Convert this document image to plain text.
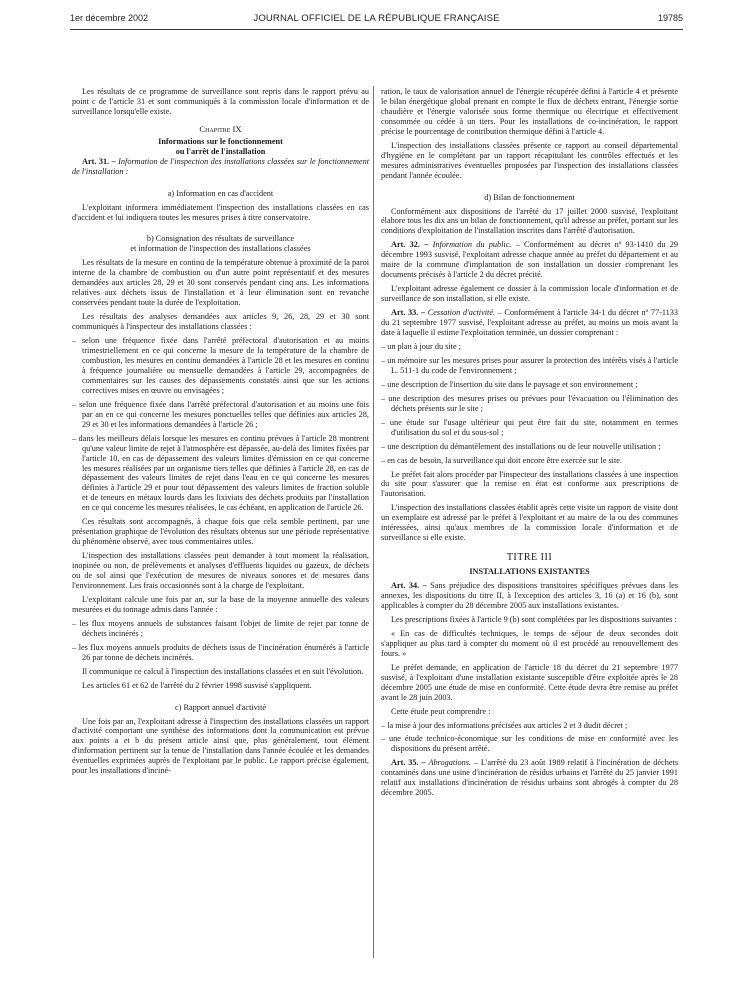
1er décembre 2002	JOURNAL OFFICIEL DE LA RÉPUBLIQUE FRANÇAISE	19785

Les résultats de ce programme de surveillance sont repris dans le rapport prévu au point c de l'article 31 et sont communiqués à la commission locale d'information et de surveillance lorsqu'elle existe.

Chapitre IX
Informations sur le fonctionnement
ou l'arrêt de l'installation

Art. 31. – Information de l'inspection des installations classées sur le fonctionnement de l'installation :

a) Information en cas d'accident

L'exploitant informera immédiatement l'inspection des installations classées en cas d'accident et lui indiquera toutes les mesures prises à titre conservatoire.

b) Consignation des résultats de surveillance

et information de l'inspection des installations classées

Les résultats de la mesure en continu de la température obtenue à proximité de la paroi interne de la chambre de combustion ou d'un autre point représentatif et des mesures demandées aux articles 28, 29 et 30 sont conservés pendant cinq ans. Les informations relatives aux déchets issus de l'installation et à leur élimination sont en revanche conservées pendant toute la durée de l'exploitation.

Les résultats des analyses demandées aux articles 9, 26, 28, 29 et 30 sont communiqués à l'inspecteur des installations classées :

– selon une fréquence fixée dans l'arrêté préfectoral d'autorisation et au moins trimestriellement en ce qui concerne la mesure de la température de la chambre de combustion, les mesures en continu demandées à l'article 28 et les mesures en continu à fréquence journalière ou mensuelle demandées à l'article 29, accompagnées de commentaires sur les causes des dépassements constatés ainsi que sur les actions correctives mises en œuvre ou envisagées ;

– selon une fréquence fixée dans l'arrêté préfectoral d'autorisation et au moins une fois par an en ce qui concerne les mesures ponctuelles telles que définies aux articles 28, 29 et 30 et les informations demandées à l'article 26 ;

– dans les meilleurs délais lorsque les mesures en continu prévues à l'article 28 montrent qu'une valeur limite de rejet à l'atmosphère est dépassée, au-delà des limites fixées par l'article 10, en cas de dépassement des valeurs limites d'émission en ce qui concerne les mesures réalisées par un organisme tiers telles que définies à l'article 28, en cas de dépassement des valeurs limites de rejet dans l'eau en ce qui concerne les mesures définies à l'article 29 et pour tout dépassement des valeurs limites de fraction soluble et de teneurs en métaux lourds dans les lixiviats des déchets produits par l'installation en ce qui concerne les mesures réalisées, le cas échéant, en application de l'article 26.

Ces résultats sont accompagnés, à chaque fois que cela semble pertinent, par une présentation graphique de l'évolution des résultats obtenus sur une période représentative du phénomène observé, avec tous commentaires utiles.

L'inspection des installations classées peut demander à tout moment la réalisation, inopinée ou non, de prélèvements et analyses d'effluents liquides ou gazeux, de déchets ou de sol ainsi que l'exécution de mesures de niveaux sonores et de mesures dans l'environnement. Les frais occasionnés sont à la charge de l'exploitant.

L'exploitant calcule une fois par an, sur la base de la moyenne annuelle des valeurs mesurées et du tonnage admis dans l'année :

– les flux moyens annuels de substances faisant l'objet de limite de rejet par tonne de déchets incinérés ;

– les flux moyens annuels produits de déchets issus de l'incinération énumérés à l'article 26 par tonne de déchets incinérés.

Il communique ce calcul à l'inspection des installations classées et en suit l'évolution.

Les articles 61 et 62 de l'arrêté du 2 février 1998 susvisé s'appliquent.

c) Rapport annuel d'activité

Une fois par an, l'exploitant adresse à l'inspection des installations classées un rapport d'activité comportant une synthèse des informations dont la communication est prévue aux points a et b du présent article ainsi que, plus généralement, tout élément d'information pertinent sur la tenue de l'installation dans l'année écoulée et les demandes éventuelles exprimées auprès de l'exploitant par le public. Le rapport précise également, pour les installations d'inciné-

ration, le taux de valorisation annuel de l'énergie récupérée défini à l'article 4 et présente le bilan énergétique global prenant en compte le flux de déchets entrant, l'énergie sortie chaudière et l'énergie valorisée sous forme thermique ou électrique et effectivement consommée ou cédée à un tiers. Pour les installations de co-incinération, le rapport précise le pourcentage de contribution thermique défini à l'article 4.

L'inspection des installations classées présente ce rapport au conseil départemental d'hygiène en le complétant par un rapport récapitulant les contrôles effectués et les mesures administratives éventuelles proposées par l'inspection des installations classées pendant l'année écoulée.

d) Bilan de fonctionnement

Conformément aux dispositions de l'arrêté du 17 juillet 2000 susvisé, l'exploitant élabore tous les dix ans un bilan de fonctionnement, qu'il adresse au préfet, portant sur les conditions d'exploitation de l'installation inscrites dans l'arrêté d'autorisation.

Art. 32. – Information du public. – Conformément au décret nº 93-1410 du 29 décembre 1993 susvisé, l'exploitant adresse chaque année au préfet du département et au maire de la commune d'implantation de son installation un dossier comprenant les documents précisés à l'article 2 du décret précité.

L'exploitant adresse également ce dossier à la commission locale d'information et de surveillance de son installation, si elle existe.

Art. 33. – Cessation d'activité. – Conformément à l'article 34-1 du décret nº 77-1133 du 21 septembre 1977 susvisé, l'exploitant adresse au préfet, au moins un mois avant la date à laquelle il estime l'exploitation terminée, un dossier comprenant :

– un plan à jour du site ;

– un mémoire sur les mesures prises pour assurer la protection des intérêts visés à l'article L. 511-1 du code de l'environnement ;

– une description de l'insertion du site dans le paysage et son environnement ;

– une description des mesures prises ou prévues pour l'évacuation ou l'élimination des déchets présents sur le site ;

– une étude sur l'usage ultérieur qui peut être fait du site, notamment en termes d'utilisation du sol et du sous-sol ;

– une description du démantèlement des installations ou de leur nouvelle utilisation ;

– en cas de besoin, la surveillance qui doit encore être exercée sur le site.

Le préfet fait alors procéder par l'inspecteur des installations classées à une inspection du site pour s'assurer que la remise en état est conforme aux prescriptions de l'autorisation.

L'inspection des installations classées établit après cette visite un rapport de visite dont un exemplaire est adressé par le préfet à l'exploitant et au maire de la ou des communes intéressées, ainsi qu'aux membres de la commission locale d'information et de surveillance si elle existe.

TITRE III

INSTALLATIONS EXISTANTES

Art. 34. – Sans préjudice des dispositions transitoires spécifiques prévues dans les annexes, les dispositions du titre II, à l'exception des articles 3, 16 (a) et 16 (b), sont applicables à compter du 28 décembre 2005 aux installations existantes.

Les prescriptions fixées à l'article 9 (b) sont complétées par les dispositions suivantes :

« En cas de difficultés techniques, le temps de séjour de deux secondes doit s'appliquer au plus tard à compter du moment où il est procédé au renouvellement des fours. »

Le préfet demande, en application de l'article 18 du décret du 21 septembre 1977 susvisé, à l'exploitant d'une installation existante susceptible d'être exploitée après le 28 décembre 2005 une étude de mise en conformité. Cette étude devra être remise au préfet avant le 28 juin 2003.

Cette étude peut comprendre :

– la mise à jour des informations précisées aux articles 2 et 3 dudit décret ;

– une étude technico-économique sur les conditions de mise en conformité avec les dispositions du présent arrêté.

Art. 35. – Abrogations. – L'arrêté du 23 août 1989 relatif à l'incinération de déchets contaminés dans une usine d'incinération de résidus urbains et l'arrêté du 25 janvier 1991 relatif aux installations d'incinération de résidus urbains sont abrogés à compter du 28 décembre 2005.
